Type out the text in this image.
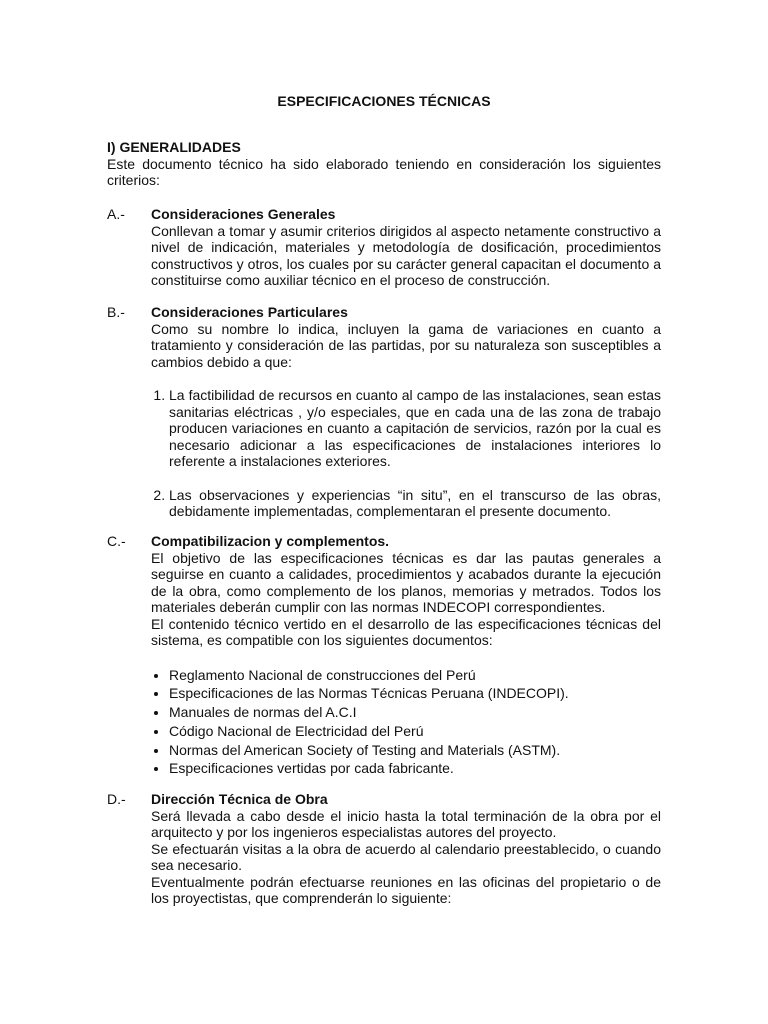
ESPECIFICACIONES TÉCNICAS
I) GENERALIDADES

Este documento técnico ha sido elaborado teniendo en consideración los siguientes criterios:

A.- Consideraciones Generales

Conllevan a tomar y asumir criterios dirigidos al aspecto netamente constructivo a nivel de indicación, materiales y metodología de dosificación, procedimientos constructivos y otros, los cuales por su carácter general capacitan el documento a constituirse como auxiliar técnico en el proceso de construcción.

B.- Consideraciones Particulares

Como su nombre lo indica, incluyen la gama de variaciones en cuanto a tratamiento y consideración de las partidas, por su naturaleza son susceptibles a cambios debido a que:

1. La factibilidad de recursos en cuanto al campo de las instalaciones, sean estas sanitarias eléctricas , y/o especiales, que en cada una de las zona de trabajo producen variaciones en cuanto a capitación de servicios, razón por la cual es necesario adicionar a las especificaciones de instalaciones interiores lo referente a instalaciones exteriores.
2. Las observaciones y experiencias “in situ”, en el transcurso de las obras, debidamente implementadas, complementaran el presente documento.
C.- Compatibilizacion y complementos.

El objetivo de las especificaciones técnicas es dar las pautas generales a seguirse en cuanto a calidades, procedimientos y acabados durante la ejecución de la obra, como complemento de los planos, memorias y metrados. Todos los materiales deberán cumplir con las normas INDECOPI correspondientes.

El contenido técnico vertido en el desarrollo de las especificaciones técnicas del sistema, es compatible con los siguientes documentos:

• Reglamento Nacional de construcciones del Perú
• Especificaciones de las Normas Técnicas Peruana (INDECOPI).
• Manuales de normas del A.C.I
• Código Nacional de Electricidad del Perú
• Normas del American Society of Testing and Materials (ASTM).
• Especificaciones vertidas por cada fabricante.
D.- Dirección Técnica de Obra

Será llevada a cabo desde el inicio hasta la total terminación de la obra por el arquitecto y por los ingenieros especialistas autores del proyecto.

Se efectuarán visitas a la obra de acuerdo al calendario preestablecido, o cuando sea necesario.

Eventualmente podrán efectuarse reuniones en las oficinas del propietario o de los proyectistas, que comprenderán lo siguiente:
